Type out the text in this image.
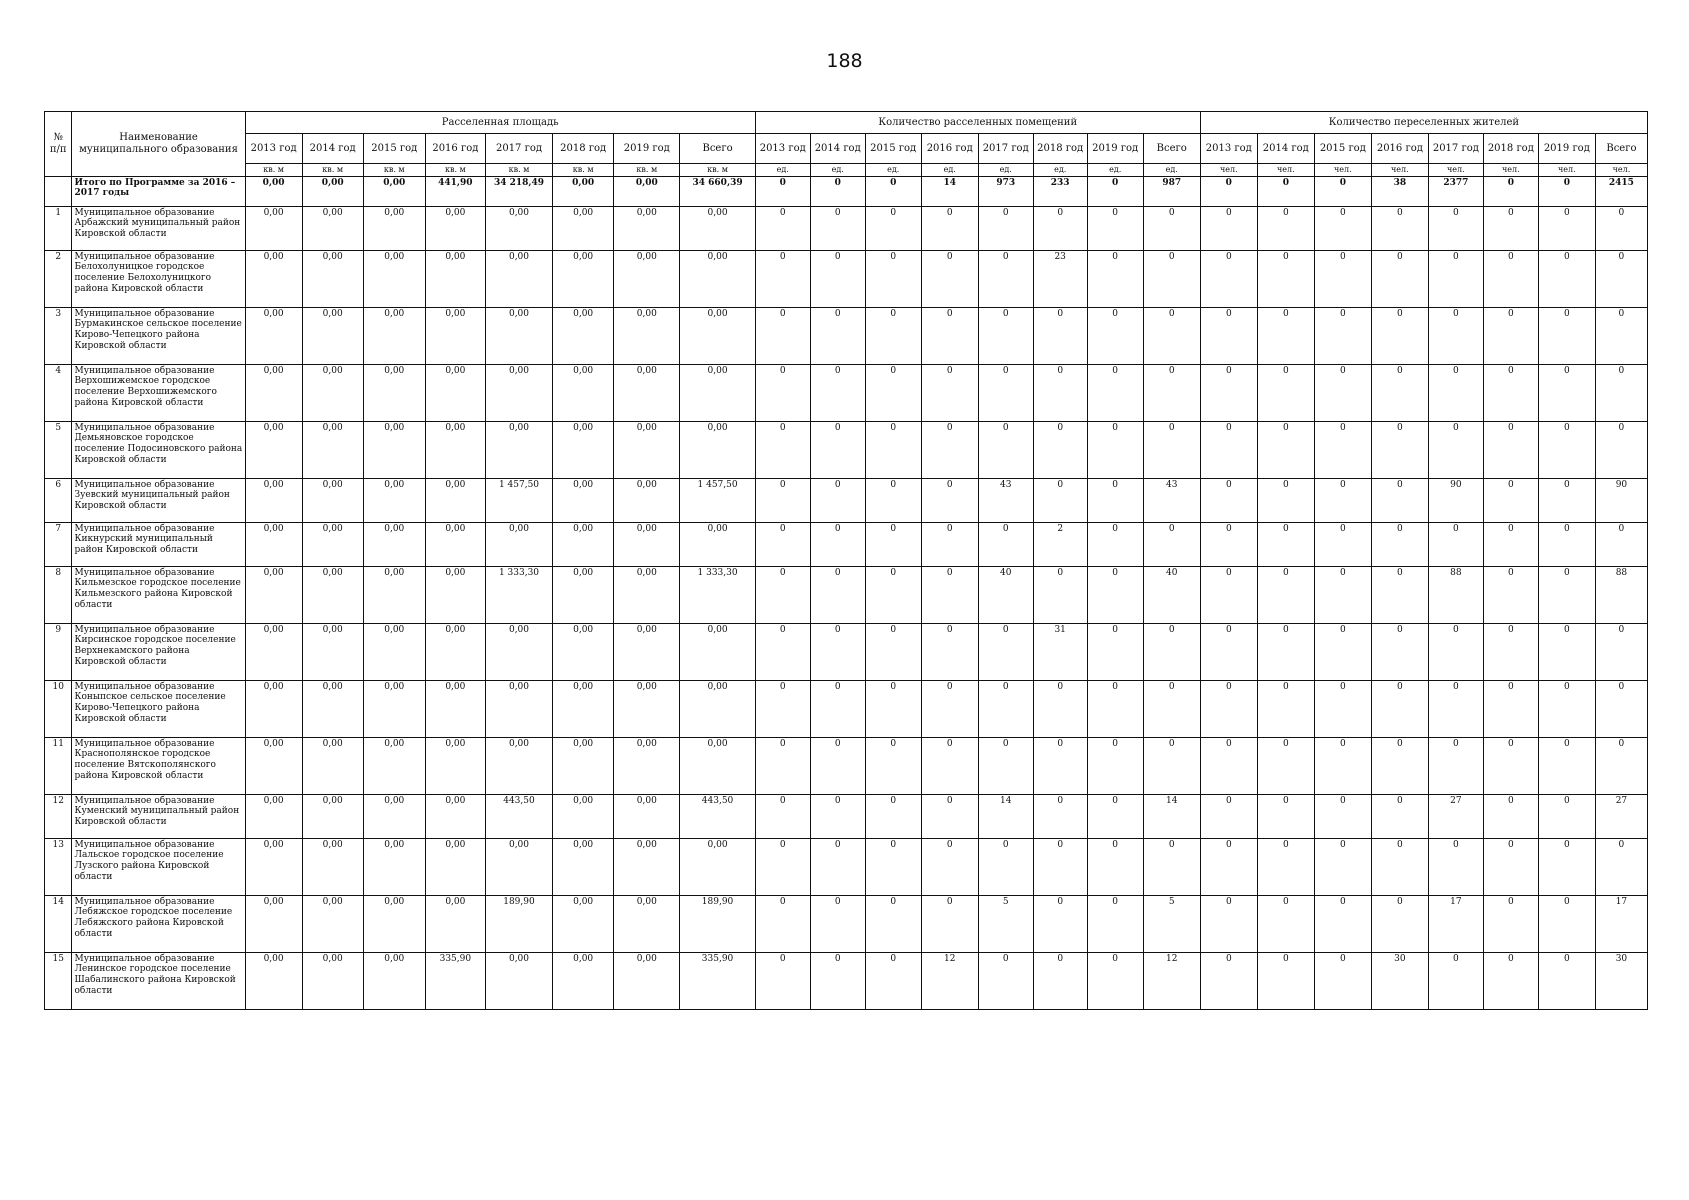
188
№ п/п	Наименование муниципального образования	Расселенная площадь								Количество расселенных помещений								Количество переселенных жителей							
		2013 год	2014 год	2015 год	2016 год	2017 год	2018 год	2019 год	Всего	2013 год	2014 год	2015 год	2016 год	2017 год	2018 год	2019 год	Всего	2013 год	2014 год	2015 год	2016 год	2017 год	2018 год	2019 год	Всего
		кв. м	кв. м	кв. м	кв. м	кв. м	кв. м	кв. м	кв. м	ед.	ед.	ед.	ед.	ед.	ед.	ед.	ед.	чел.	чел.	чел.	чел.	чел.	чел.	чел.	чел.
	Итого по Программе за 2016 – 2017 годы	0,00	0,00	0,00	441,90	34 218,49	0,00	0,00	34 660,39	0	0	0	14	973	233	0	987	0	0	0	38	2377	0	0	2415
1	Муниципальное образование Арбажский муниципальный район Кировской области	0,00	0,00	0,00	0,00	0,00	0,00	0,00	0,00	0	0	0	0	0	0	0	0	0	0	0	0	0	0	0	0
2	Муниципальное образование Белохолуницкое городское поселение Белохолуницкого района Кировской области	0,00	0,00	0,00	0,00	0,00	0,00	0,00	0,00	0	0	0	0	0	23	0	0	0	0	0	0	0	0	0	0
3	Муниципальное образование Бурмакинское сельское поселение Кирово-Чепецкого района Кировской области	0,00	0,00	0,00	0,00	0,00	0,00	0,00	0,00	0	0	0	0	0	0	0	0	0	0	0	0	0	0	0	0
4	Муниципальное образование Верхошижемское городское поселение Верхошижемского района Кировской области	0,00	0,00	0,00	0,00	0,00	0,00	0,00	0,00	0	0	0	0	0	0	0	0	0	0	0	0	0	0	0	0
5	Муниципальное образование Демьяновское городское поселение Подосиновского района Кировской области	0,00	0,00	0,00	0,00	0,00	0,00	0,00	0,00	0	0	0	0	0	0	0	0	0	0	0	0	0	0	0	0
6	Муниципальное образование Зуевский муниципальный район Кировской области	0,00	0,00	0,00	0,00	1 457,50	0,00	0,00	1 457,50	0	0	0	0	43	0	0	43	0	0	0	0	90	0	0	90
7	Муниципальное образование Кикнурский муниципальный район Кировской области	0,00	0,00	0,00	0,00	0,00	0,00	0,00	0,00	0	0	0	0	0	2	0	0	0	0	0	0	0	0	0	0
8	Муниципальное образование Кильмезское городское поселение Кильмезского района Кировской области	0,00	0,00	0,00	0,00	1 333,30	0,00	0,00	1 333,30	0	0	0	0	40	0	0	40	0	0	0	0	88	0	0	88
9	Муниципальное образование Кирсинское городское поселение Верхнекамского района Кировской области	0,00	0,00	0,00	0,00	0,00	0,00	0,00	0,00	0	0	0	0	0	31	0	0	0	0	0	0	0	0	0	0
10	Муниципальное образование Коныпское сельское поселение Кирово-Чепецкого района Кировской области	0,00	0,00	0,00	0,00	0,00	0,00	0,00	0,00	0	0	0	0	0	0	0	0	0	0	0	0	0	0	0	0
11	Муниципальное образование Краснополянское городское поселение Вятскополянского района Кировской области	0,00	0,00	0,00	0,00	0,00	0,00	0,00	0,00	0	0	0	0	0	0	0	0	0	0	0	0	0	0	0	0
12	Муниципальное образование Куменский муниципальный район Кировской области	0,00	0,00	0,00	0,00	443,50	0,00	0,00	443,50	0	0	0	0	14	0	0	14	0	0	0	0	27	0	0	27
13	Муниципальное образование Лальское городское поселение Лузского района Кировской области	0,00	0,00	0,00	0,00	0,00	0,00	0,00	0,00	0	0	0	0	0	0	0	0	0	0	0	0	0	0	0	0
14	Муниципальное образование Лебяжское городское поселение Лебяжского района Кировской области	0,00	0,00	0,00	0,00	189,90	0,00	0,00	189,90	0	0	0	0	5	0	0	5	0	0	0	0	17	0	0	17
15	Муниципальное образование Ленинское городское поселение Шабалинского района Кировской области	0,00	0,00	0,00	335,90	0,00	0,00	0,00	335,90	0	0	0	12	0	0	0	12	0	0	0	30	0	0	0	30
